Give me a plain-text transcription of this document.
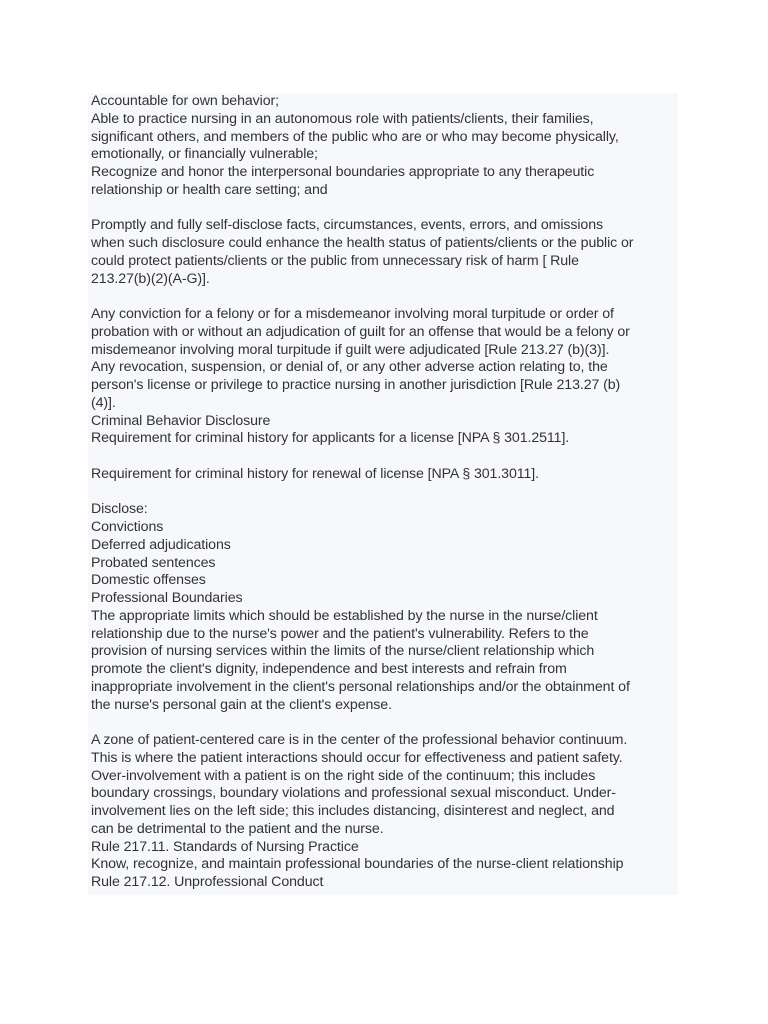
Accountable for own behavior;
Able to practice nursing in an autonomous role with patients/clients, their families,
significant others, and members of the public who are or who may become physically,
emotionally, or financially vulnerable;
Recognize and honor the interpersonal boundaries appropriate to any therapeutic
relationship or health care setting; and
Promptly and fully self-disclose facts, circumstances, events, errors, and omissions
when such disclosure could enhance the health status of patients/clients or the public or
could protect patients/clients or the public from unnecessary risk of harm [ Rule
213.27(b)(2)(A-G)].
Any conviction for a felony or for a misdemeanor involving moral turpitude or order of
probation with or without an adjudication of guilt for an offense that would be a felony or
misdemeanor involving moral turpitude if guilt were adjudicated [Rule 213.27 (b)(3)].
Any revocation, suspension, or denial of, or any other adverse action relating to, the
person's license or privilege to practice nursing in another jurisdiction [Rule 213.27 (b)
(4)].
Criminal Behavior Disclosure
Requirement for criminal history for applicants for a license [NPA § 301.2511].
Requirement for criminal history for renewal of license [NPA § 301.3011].
Disclose:
Convictions
Deferred adjudications
Probated sentences
Domestic offenses
Professional Boundaries
The appropriate limits which should be established by the nurse in the nurse/client
relationship due to the nurse's power and the patient's vulnerability. Refers to the
provision of nursing services within the limits of the nurse/client relationship which
promote the client's dignity, independence and best interests and refrain from
inappropriate involvement in the client's personal relationships and/or the obtainment of
the nurse's personal gain at the client's expense.
A zone of patient-centered care is in the center of the professional behavior continuum.
This is where the patient interactions should occur for effectiveness and patient safety.
Over-involvement with a patient is on the right side of the continuum; this includes
boundary crossings, boundary violations and professional sexual misconduct. Under-
involvement lies on the left side; this includes distancing, disinterest and neglect, and
can be detrimental to the patient and the nurse.
Rule 217.11. Standards of Nursing Practice
Know, recognize, and maintain professional boundaries of the nurse-client relationship
Rule 217.12. Unprofessional Conduct
